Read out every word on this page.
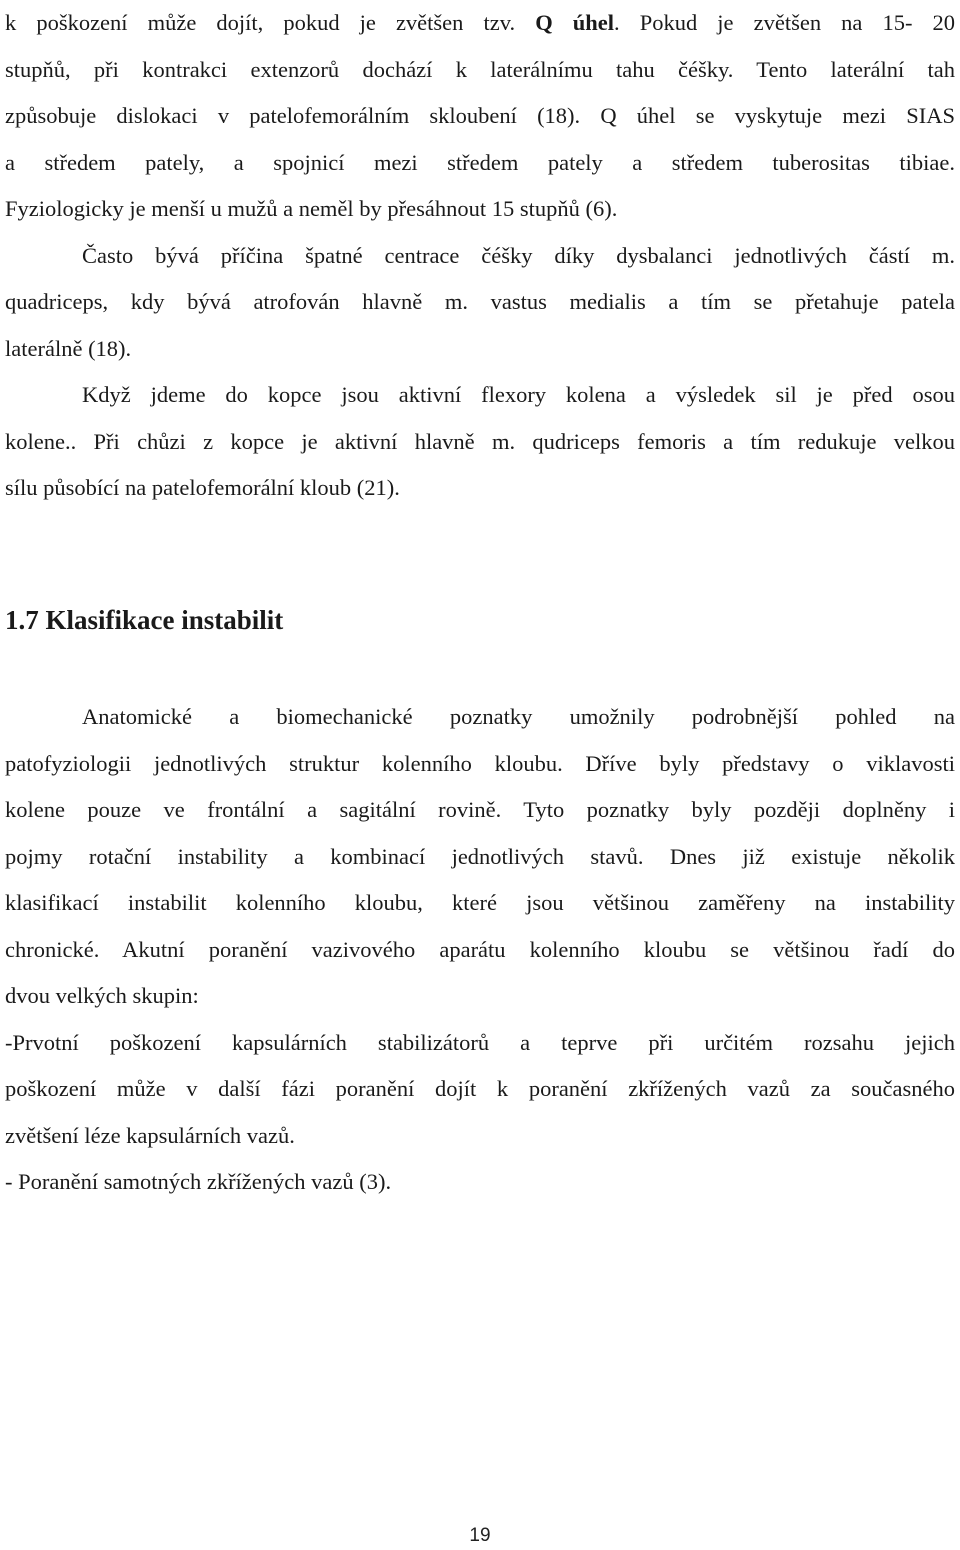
k poškození může dojít, pokud je zvětšen tzv. Q úhel. Pokud je zvětšen na 15- 20
stupňů, při kontrakci extenzorů dochází k laterálnímu tahu čéšky. Tento laterální tah
způsobuje dislokaci v patelofemorálním skloubení (18). Q úhel se vyskytuje mezi SIAS
a středem pately, a spojnicí mezi středem pately a středem tuberositas tibiae.
Fyziologicky je menší u mužů a neměl by přesáhnout 15 stupňů (6).
Často bývá příčina špatné centrace čéšky díky dysbalanci jednotlivých částí m.
quadriceps, kdy bývá atrofován hlavně m. vastus medialis a tím se přetahuje patela
laterálně (18).
Když jdeme do kopce jsou aktivní flexory kolena a výsledek sil je před osou
kolene.. Při chůzi z kopce je aktivní hlavně m. qudriceps femoris a tím redukuje velkou
sílu působící na patelofemorální kloub (21).
1.7 Klasifikace instabilit
Anatomické a biomechanické poznatky umožnily podrobnější pohled na
patofyziologii jednotlivých struktur kolenního kloubu. Dříve byly představy o viklavosti
kolene pouze ve frontální a sagitální rovině. Tyto poznatky byly později doplněny i
pojmy rotační instability a kombinací jednotlivých stavů. Dnes již existuje několik
klasifikací instabilit kolenního kloubu, které jsou většinou zaměřeny na instability
chronické. Akutní poranění vazivového aparátu kolenního kloubu se většinou řadí do
dvou velkých skupin:
-Prvotní poškození kapsulárních stabilizátorů a teprve při určitém rozsahu jejich
poškození může v další fázi poranění dojít k poranění zkřížených vazů za současného
zvětšení léze kapsulárních vazů.
- Poranění samotných zkřížených vazů (3).
19
